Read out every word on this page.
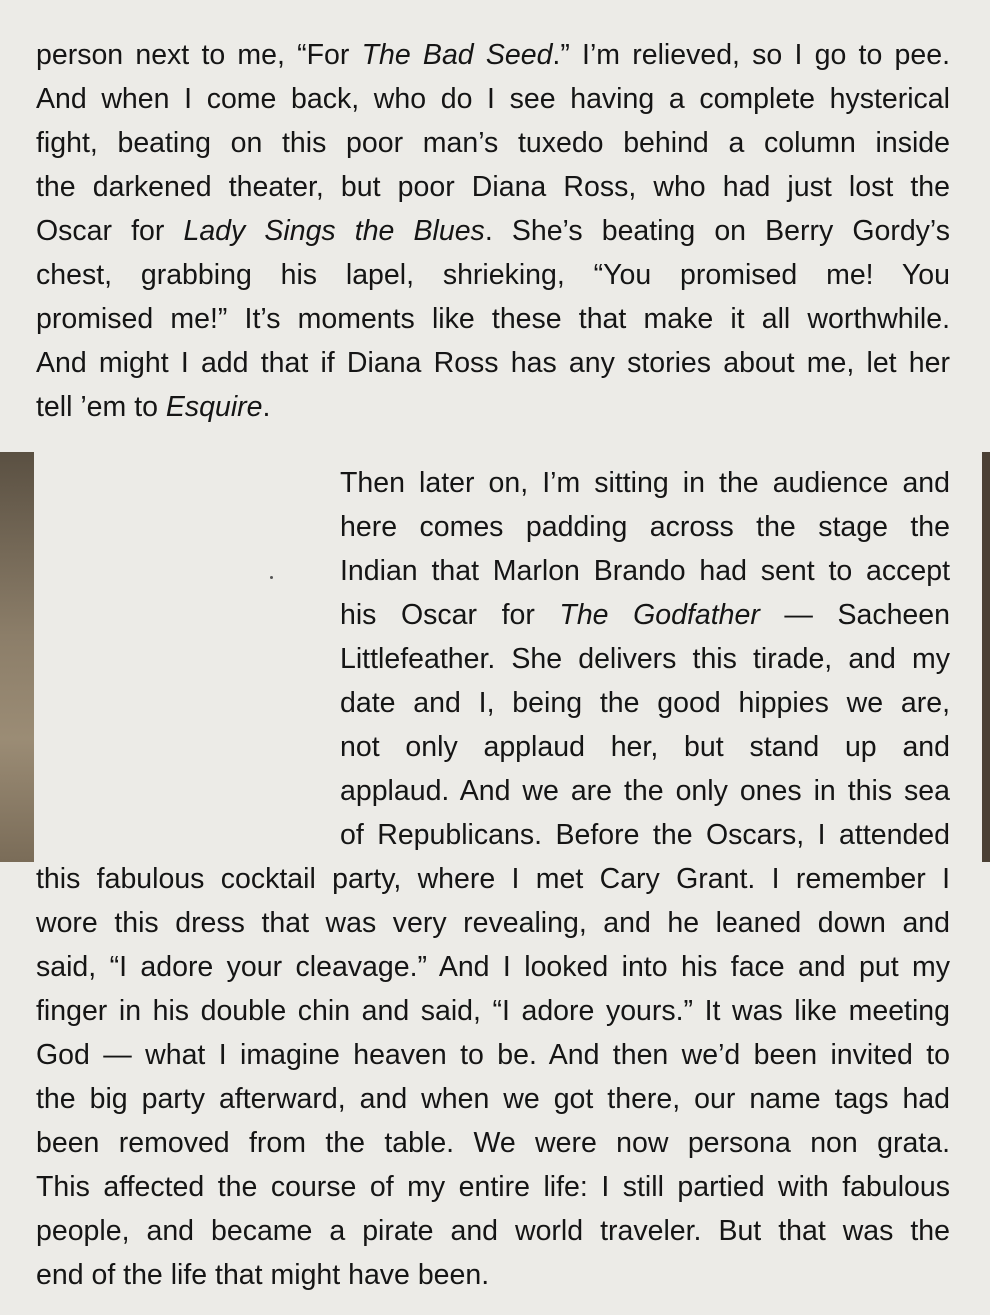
person next to me, “For The Bad Seed.” I’m relieved, so I go to pee.
And when I come back, who do I see having a complete hysterical
fight, beating on this poor man’s tuxedo behind a column inside
the darkened theater, but poor Diana Ross, who had just lost the
Oscar for Lady Sings the Blues. She’s beating on Berry Gordy’s
chest, grabbing his lapel, shrieking, “You promised me! You
promised me!” It’s moments like these that make it all worthwhile.
And might I add that if Diana Ross has any stories about me, let her
tell ’em to Esquire.
Then later on, I’m sitting in the audience and
here comes padding across the stage the
Indian that Marlon Brando had sent to accept
his Oscar for The Godfather — Sacheen
Littlefeather. She delivers this tirade, and my
date and I, being the good hippies we are,
not only applaud her, but stand up and
applaud. And we are the only ones in this sea
of Republicans. Before the Oscars, I attended
this fabulous cocktail party, where I met Cary Grant. I remember I
wore this dress that was very revealing, and he leaned down and
said, “I adore your cleavage.” And I looked into his face and put my
finger in his double chin and said, “I adore yours.” It was like meeting
God — what I imagine heaven to be. And then we’d been invited to
the big party afterward, and when we got there, our name tags had
been removed from the table. We were now persona non grata.
This affected the course of my entire life: I still partied with fabulous
people, and became a pirate and world traveler. But that was the
end of the life that might have been.
